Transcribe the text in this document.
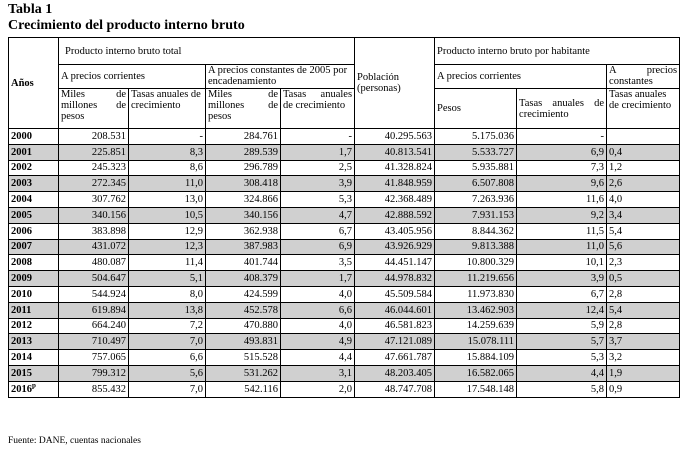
Tabla 1
Crecimiento del producto interno bruto
Años	Producto interno bruto total				Población (personas)	Producto interno bruto por habitante		
	A precios corrientes		A precios constantes de 2005 por encadenamiento			A precios corrientes		A precios constantes
	Miles de millones de pesos	Tasas anuales de crecimiento	Miles de millones de pesos	Tasas anuales de crecimiento		Pesos	Tasas anuales de crecimiento	Tasas anuales de crecimiento
2000	208.531	-	284.761	-	40.295.563	5.175.036	-	
2001	225.851	8,3	289.539	1,7	40.813.541	5.533.727	6,9	0,4
2002	245.323	8,6	296.789	2,5	41.328.824	5.935.881	7,3	1,2
2003	272.345	11,0	308.418	3,9	41.848.959	6.507.808	9,6	2,6
2004	307.762	13,0	324.866	5,3	42.368.489	7.263.936	11,6	4,0
2005	340.156	10,5	340.156	4,7	42.888.592	7.931.153	9,2	3,4
2006	383.898	12,9	362.938	6,7	43.405.956	8.844.362	11,5	5,4
2007	431.072	12,3	387.983	6,9	43.926.929	9.813.388	11,0	5,6
2008	480.087	11,4	401.744	3,5	44.451.147	10.800.329	10,1	2,3
2009	504.647	5,1	408.379	1,7	44.978.832	11.219.656	3,9	0,5
2010	544.924	8,0	424.599	4,0	45.509.584	11.973.830	6,7	2,8
2011	619.894	13,8	452.578	6,6	46.044.601	13.462.903	12,4	5,4
2012	664.240	7,2	470.880	4,0	46.581.823	14.259.639	5,9	2,8
2013	710.497	7,0	493.831	4,9	47.121.089	15.078.111	5,7	3,7
2014	757.065	6,6	515.528	4,4	47.661.787	15.884.109	5,3	3,2
2015	799.312	5,6	531.262	3,1	48.203.405	16.582.065	4,4	1,9
2016$^p$	855.432	7,0	542.116	2,0	48.747.708	17.548.148	5,8	0,9
Fuente: DANE, cuentas nacionales
